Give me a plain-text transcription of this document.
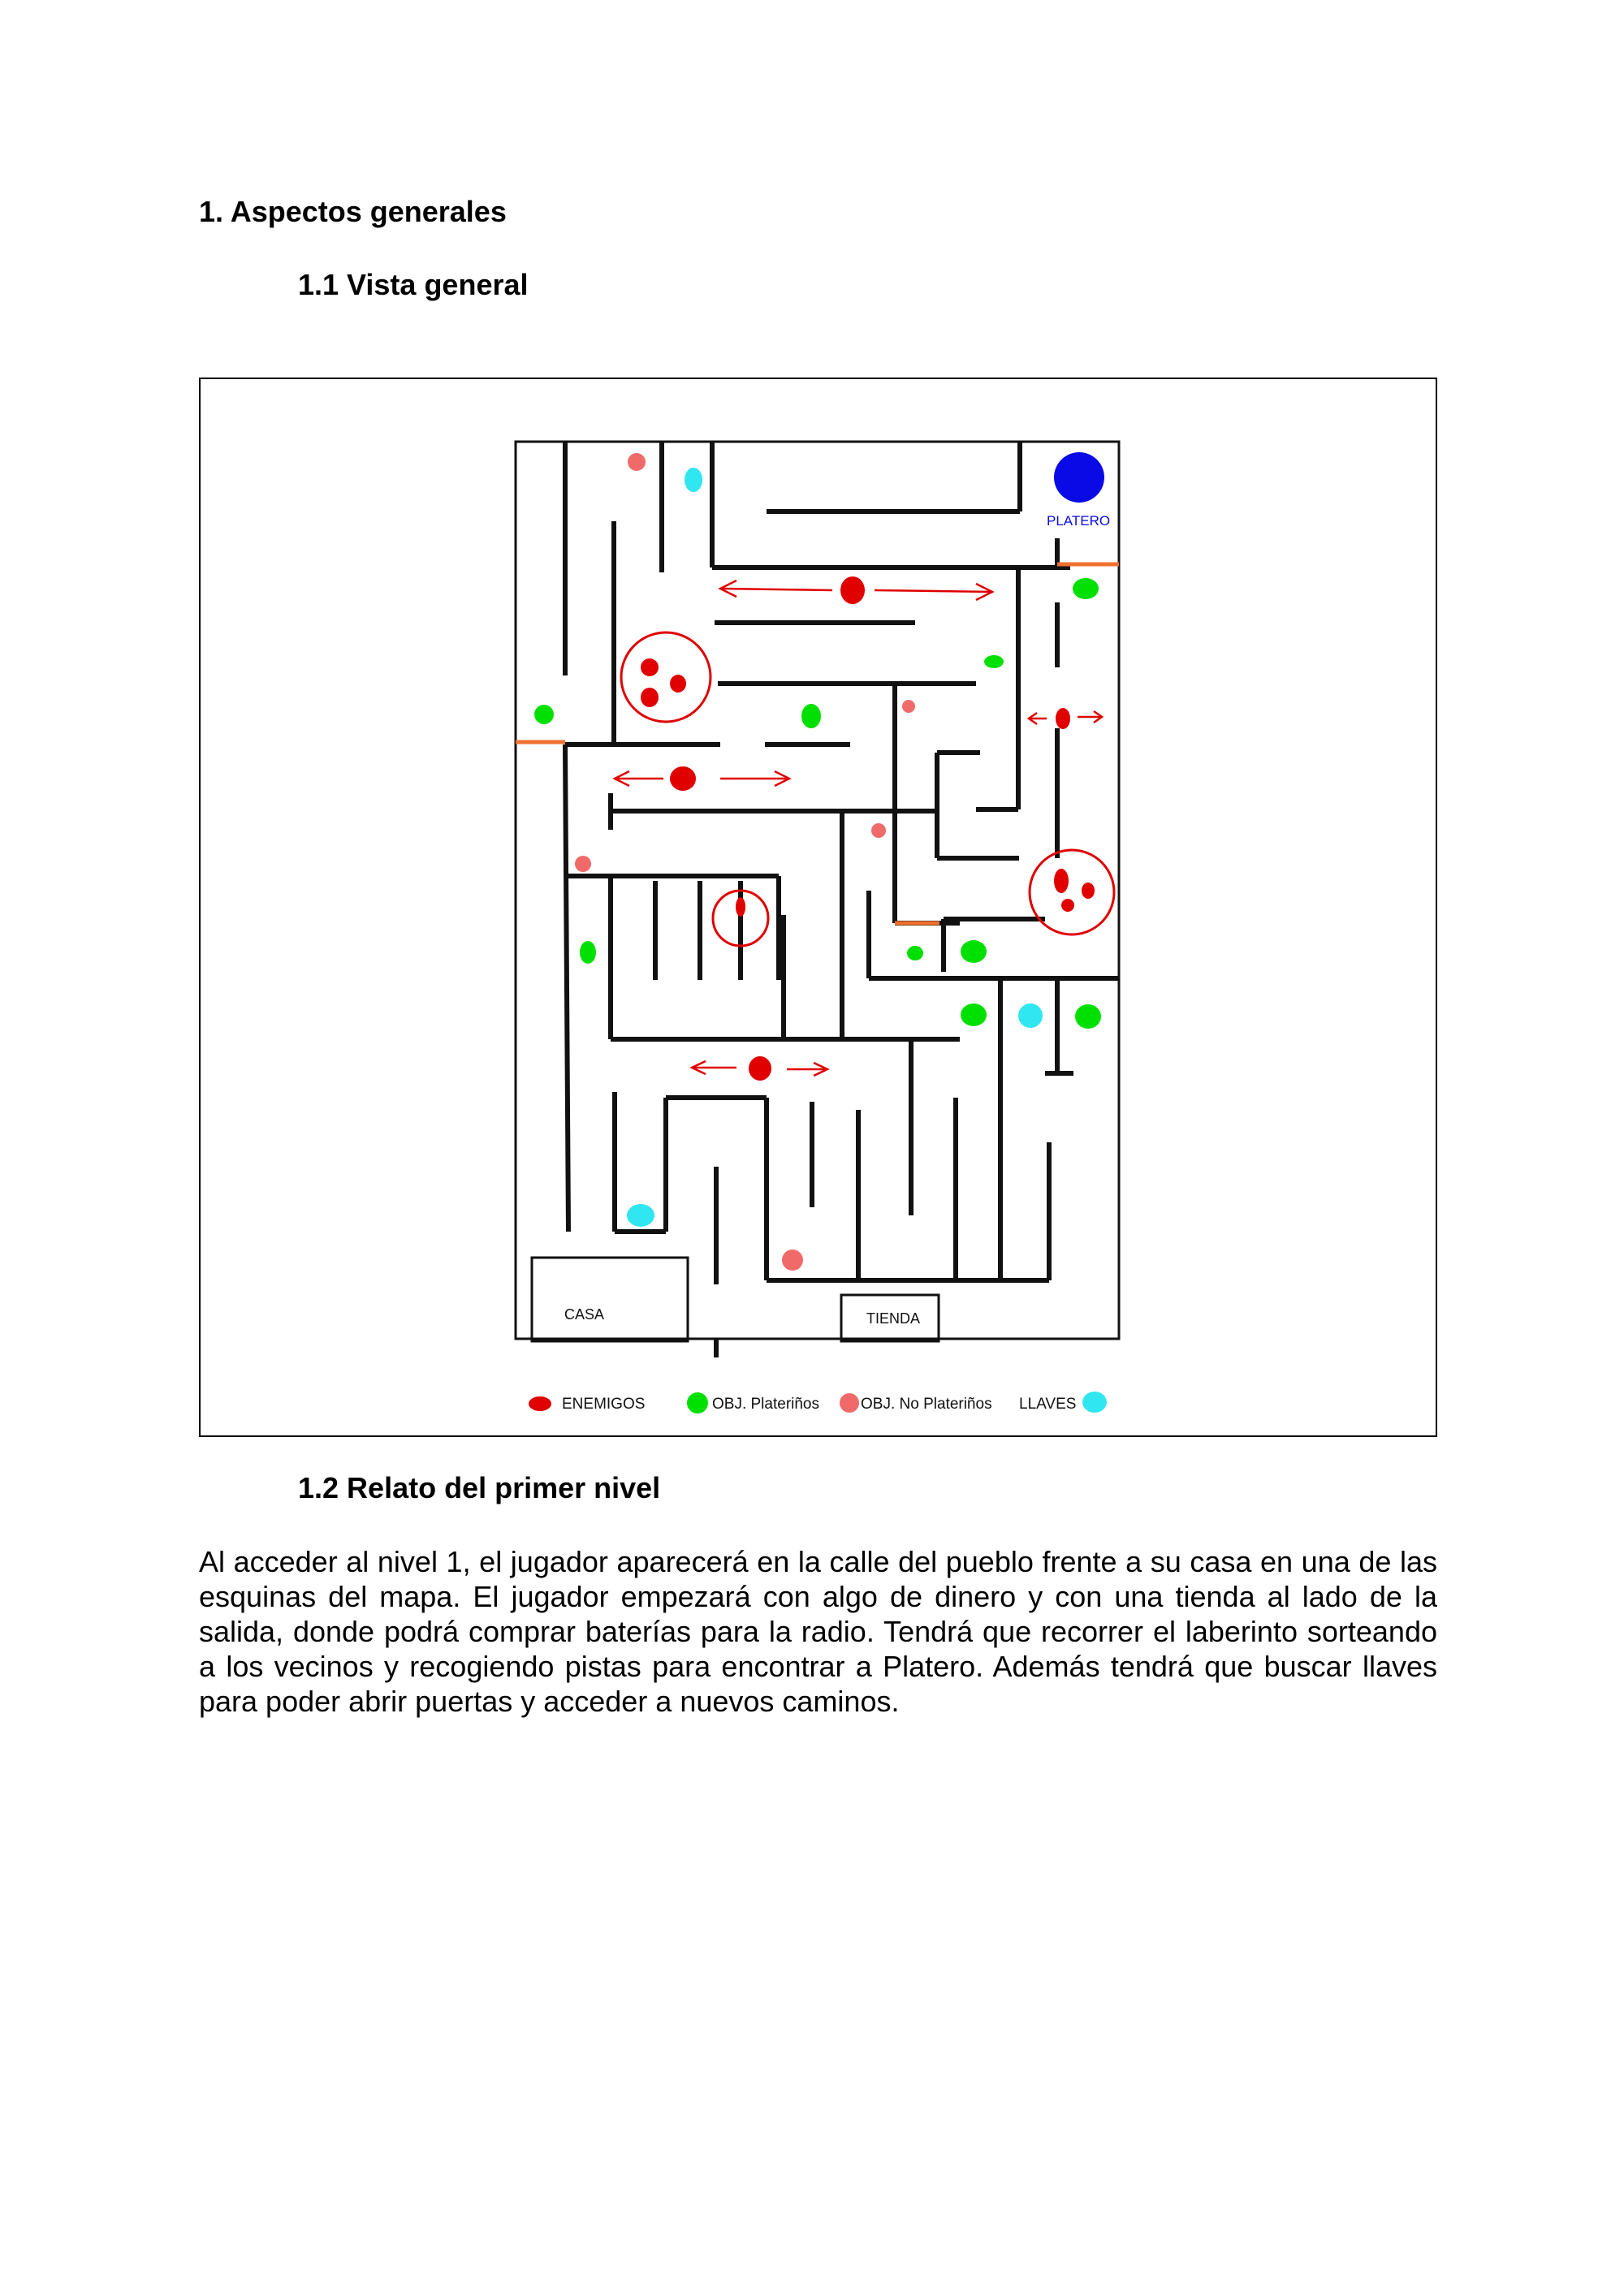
1. Aspectos generales
1.1 Vista general
CASA	TIENDA
PLATERO
ENEMIGOS	OBJ. Plateriños	OBJ. No Plateriños LLAVES
1.2 Relato del primer nivel
Al acceder al nivel 1, el jugador aparecerá en la calle del pueblo frente a su casa en una de las esquinas del mapa. El jugador empezará con algo de dinero y con una tienda al lado de la salida, donde podrá comprar baterías para la radio. Tendrá que recorrer el laberinto sorteando a los vecinos y recogiendo pistas para encontrar a Platero. Además tendrá que buscar llaves para poder abrir puertas y acceder a nuevos caminos.
